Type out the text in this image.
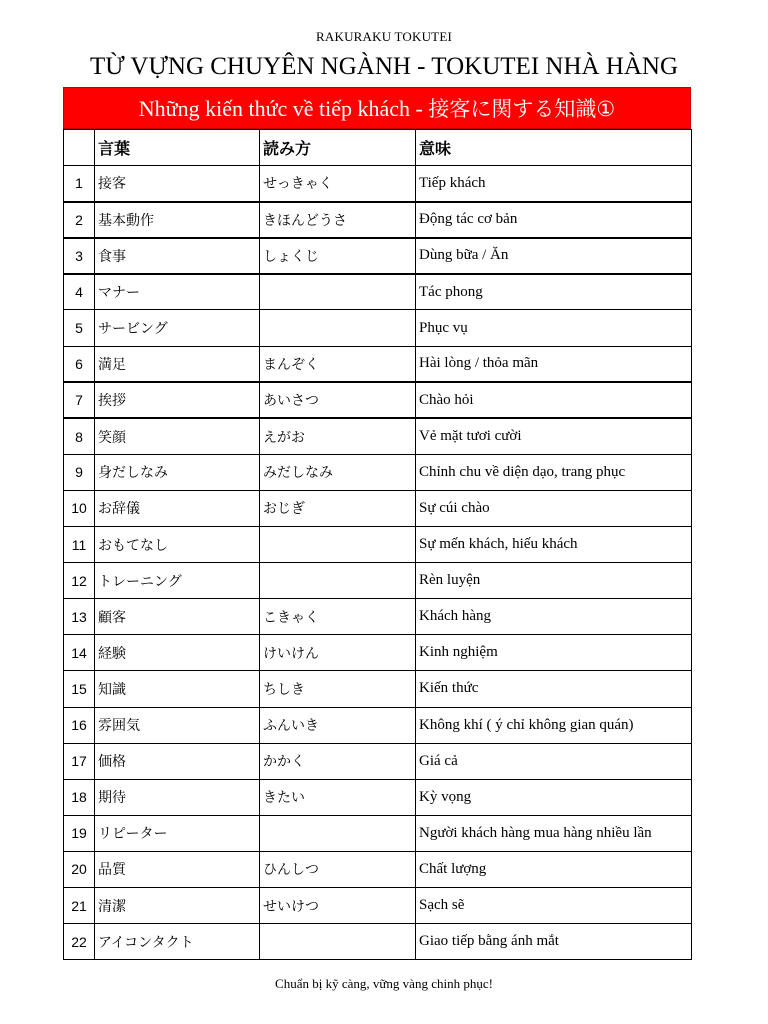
RAKURAKU TOKUTEI
TỪ VỰNG CHUYÊN NGÀNH - TOKUTEI NHÀ HÀNG
Những kiến thức về tiếp khách - 接客に関する知識①
	言葉	読み方	意味
1	接客	せっきゃく	Tiếp khách
2	基本動作	きほんどうさ	Động tác cơ bản
3	食事	しょくじ	Dùng bữa / Ăn
4	マナー		Tác phong
5	サービング		Phục vụ
6	満足	まんぞく	Hài lòng / thỏa mãn
7	挨拶	あいさつ	Chào hỏi
8	笑顔	えがお	Vẻ mặt tươi cười
9	身だしなみ	みだしなみ	Chỉnh chu về diện dạo, trang phục
10	お辞儀	おじぎ	Sự cúi chào
11	おもてなし		Sự mến khách, hiếu khách
12	トレーニング		Rèn luyện
13	顧客	こきゃく	Khách hàng
14	経験	けいけん	Kinh nghiệm
15	知識	ちしき	Kiến thức
16	雰囲気	ふんいき	Không khí ( ý chỉ không gian quán)
17	価格	かかく	Giá cả
18	期待	きたい	Kỳ vọng
19	リピーター		Người khách hàng mua hàng nhiều lần
20	品質	ひんしつ	Chất lượng
21	清潔	せいけつ	Sạch sẽ
22	アイコンタクト		Giao tiếp bằng ánh mắt
Chuẩn bị kỹ càng, vững vàng chinh phục!
